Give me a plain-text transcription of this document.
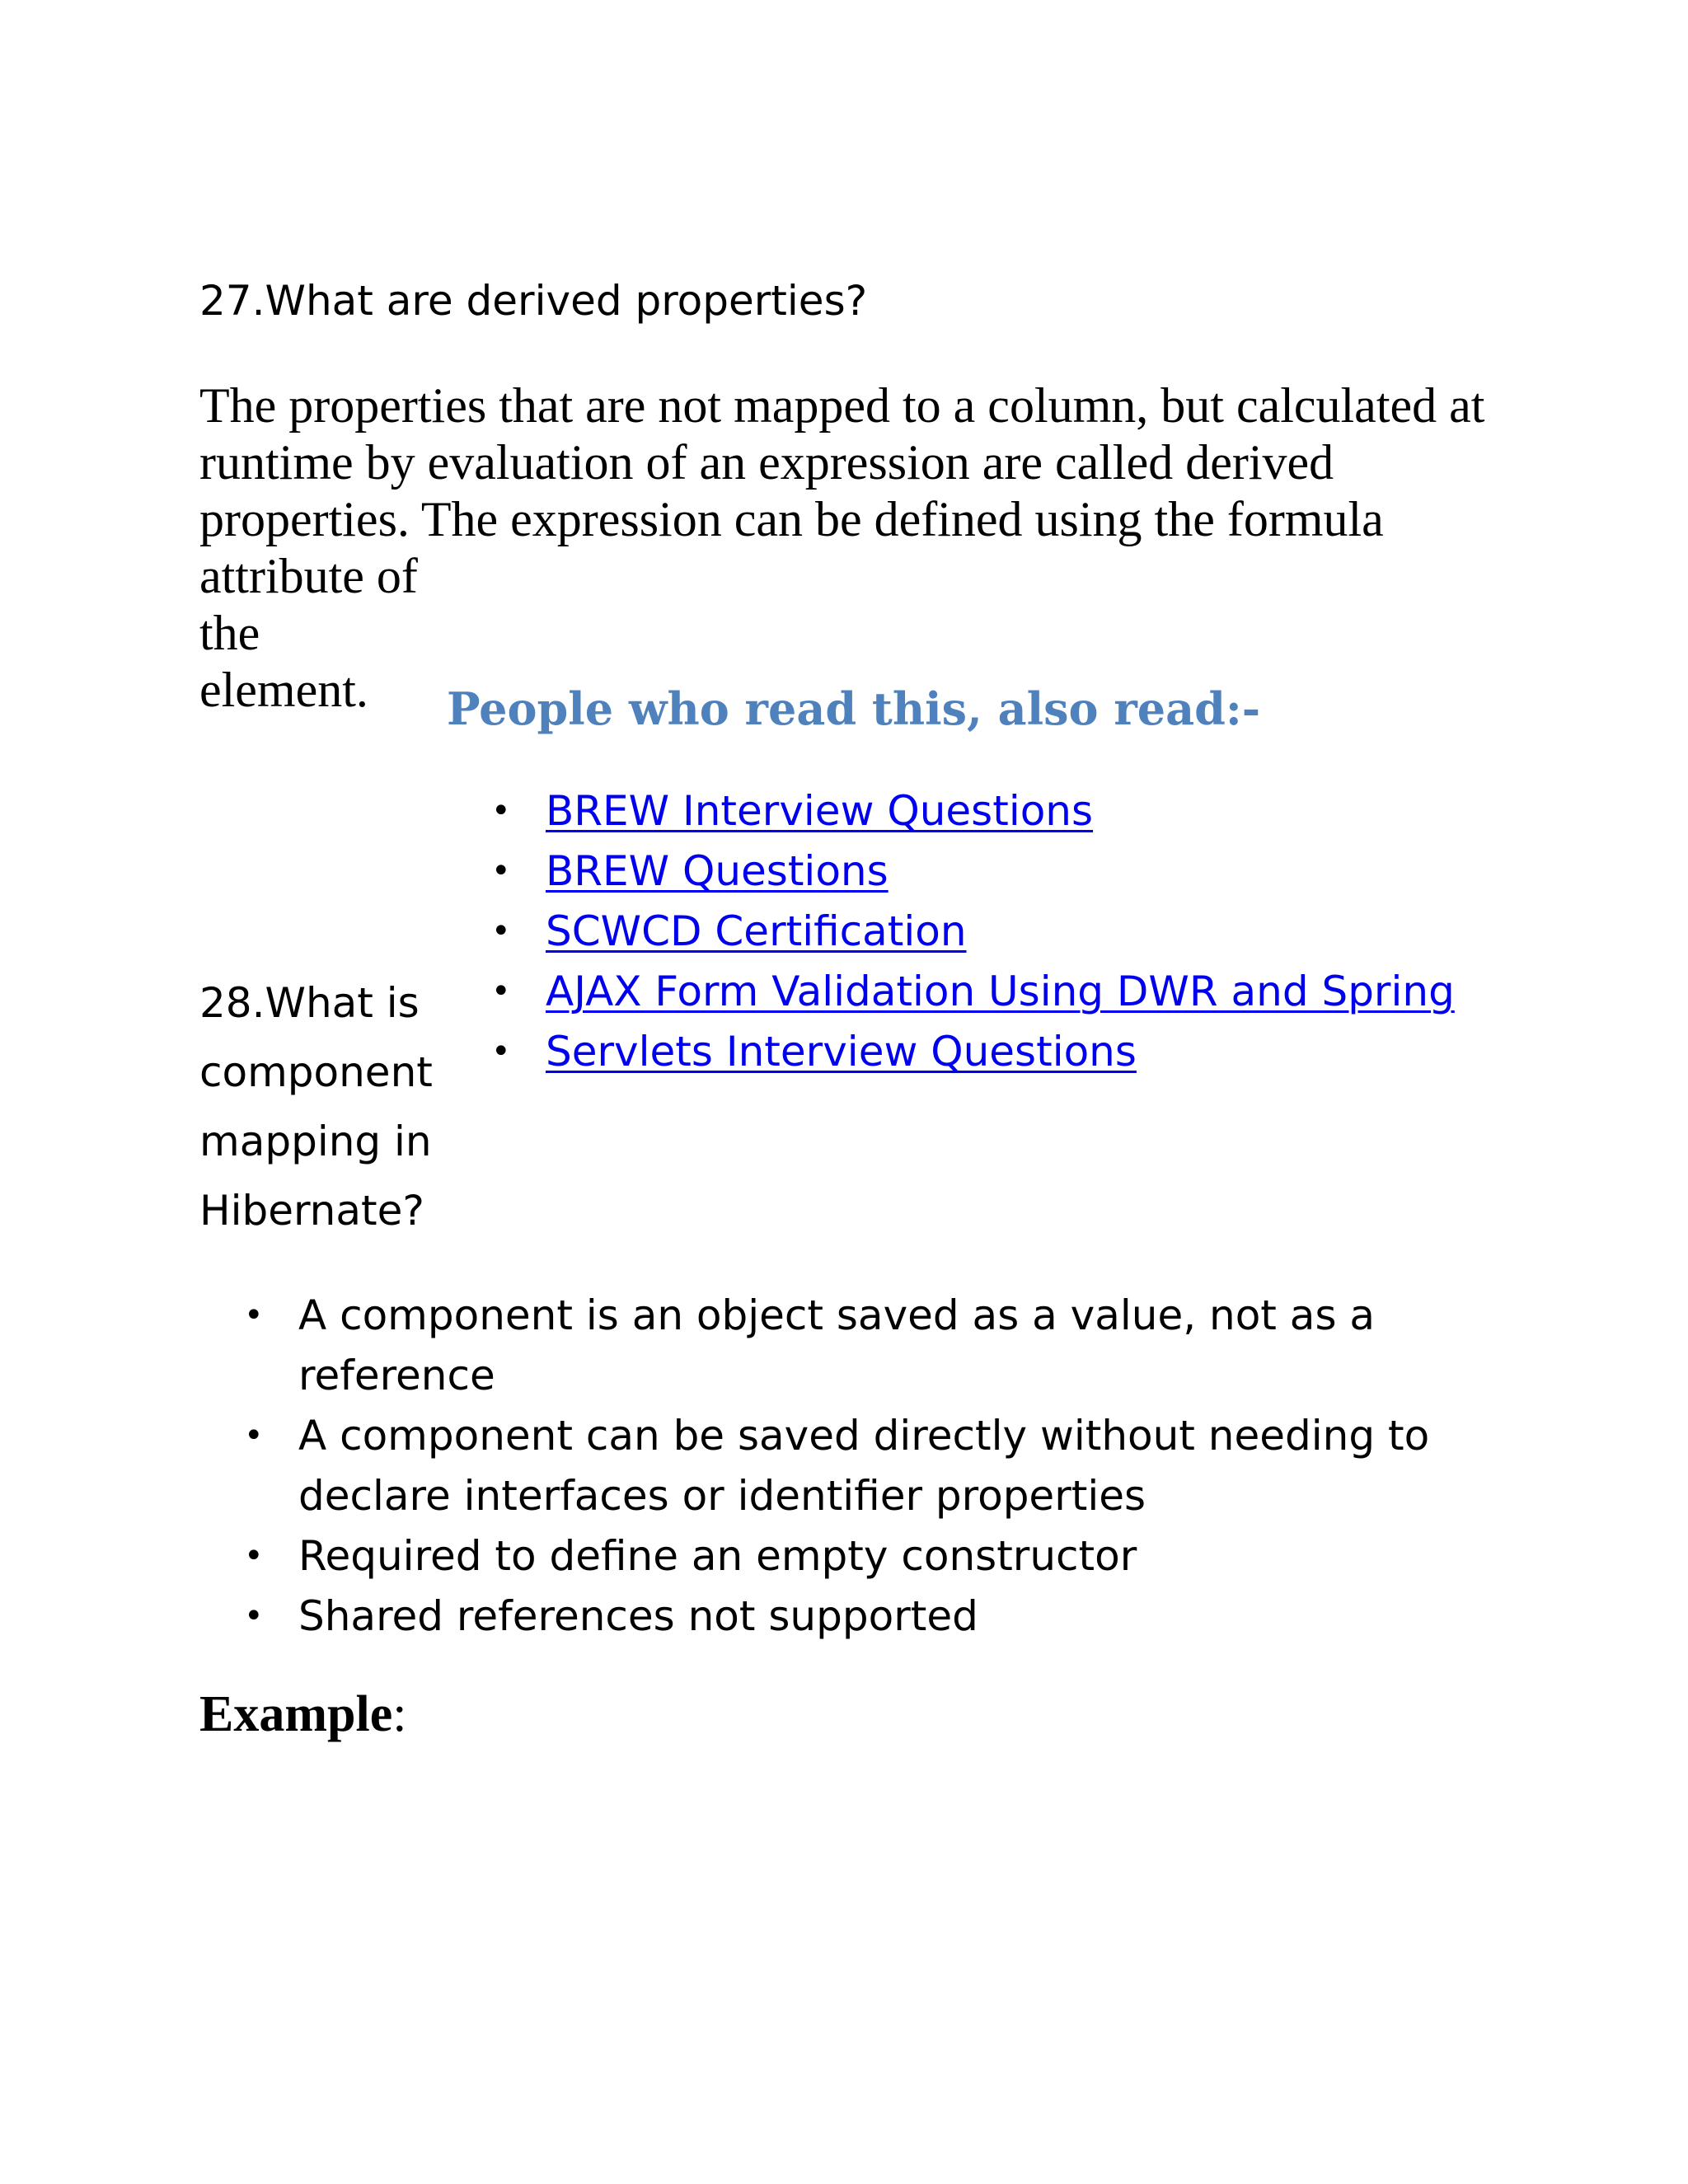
27.What are derived properties?
The properties that are not mapped to a column, but calculated at
runtime by evaluation of an expression are called derived
properties. The expression can be defined using the formula
attribute of
the
element.	People who read this, also read:-
• BREW Interview Questions
• BREW Questions
• SCWCD Certification
• AJAX Form Validation Using DWR and Spring
• Servlets Interview Questions
28.What is
component
mapping in
Hibernate?
• A component is an object saved as a value, not as a
reference
• A component can be saved directly without needing to
declare interfaces or identifier properties
• Required to define an empty constructor
• Shared references not supported
Example:
